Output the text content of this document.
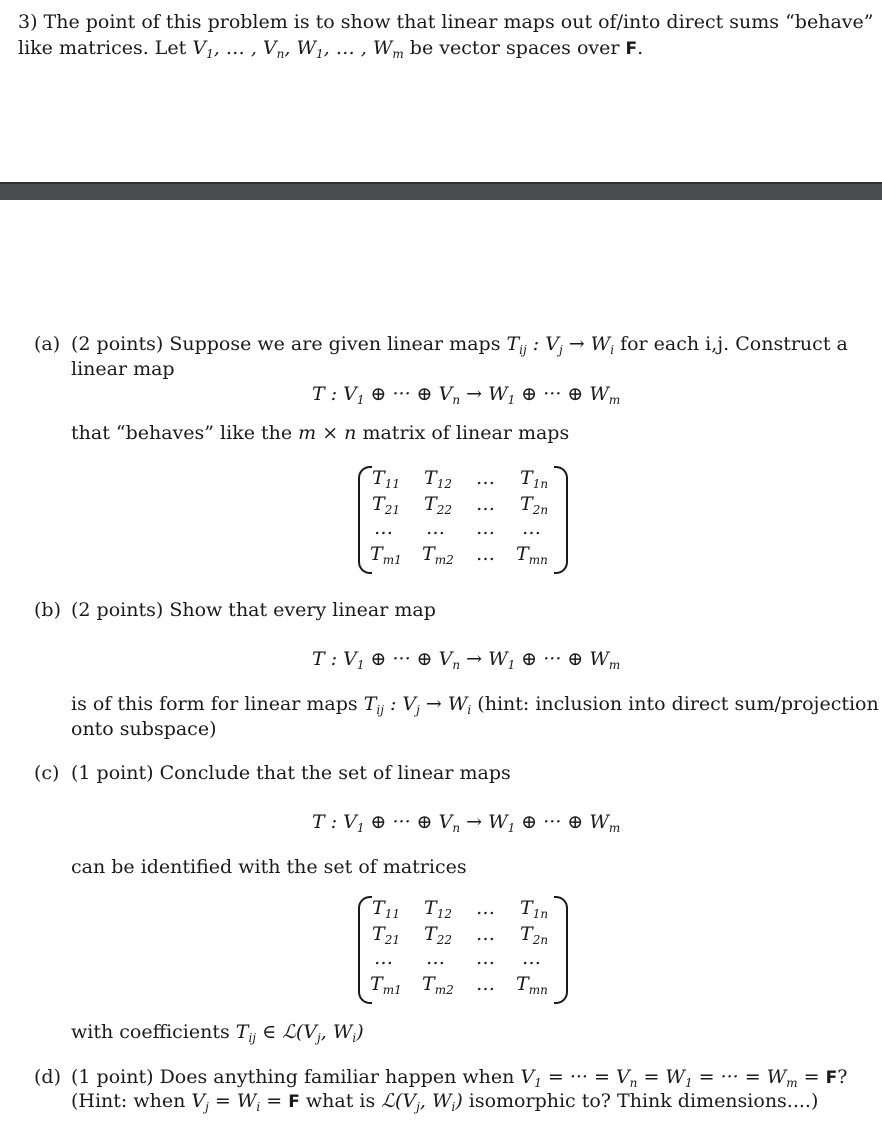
3) The point of this problem is to show that linear maps out of/into direct sums “behave”
like matrices. Let $V_1$, … , $V_n$, $W_1$, … , $W_m$ be vector spaces over F.
(a) (2 points) Suppose we are given linear maps $T_{ij}$ : $V_j \to W_i$ for each i,j. Construct a
linear map
T : $V_1$ ⊕ ··· ⊕ $V_n \to W_1$ ⊕ ··· ⊕ $W_m$
that “behaves” like the m × n matrix of linear maps
$T_{11}$ $T_{12}$ … $T_{1n}$
$T_{21}$ $T_{22}$ … $T_{2n}$
… … … …
$T_{m1}$ $T_{m2}$ … $T_{mn}$
(b) (2 points) Show that every linear map
T : $V_1$ ⊕ ··· ⊕ $V_n \to W_1$ ⊕ ··· ⊕ $W_m$
is of this form for linear maps $T_{ij}$ : $V_j \to W_i$ (hint: inclusion into direct sum/projection
onto subspace)
(c) (1 point) Conclude that the set of linear maps
T : $V_1$ ⊕ ··· ⊕ $V_n \to W_1$ ⊕ ··· ⊕ $W_m$
can be identified with the set of matrices
$T_{11}$ $T_{12}$ … $T_{1n}$
$T_{21}$ $T_{22}$ … $T_{2n}$
… … … …
$T_{m1}$ $T_{m2}$ … $T_{mn}$
with coefficients $T_{ij}$ ∈ $ℒ(V_j$, $W_i$)
(d) (1 point) Does anything familiar happen when $V_1$ = ··· = $V_n = W_1$ = ··· = $W_m = F$?
(Hint: when $V_j = W_i = F$ what is $ℒ(V_j$, $W_i$) isomorphic to? Think dimensions....)
